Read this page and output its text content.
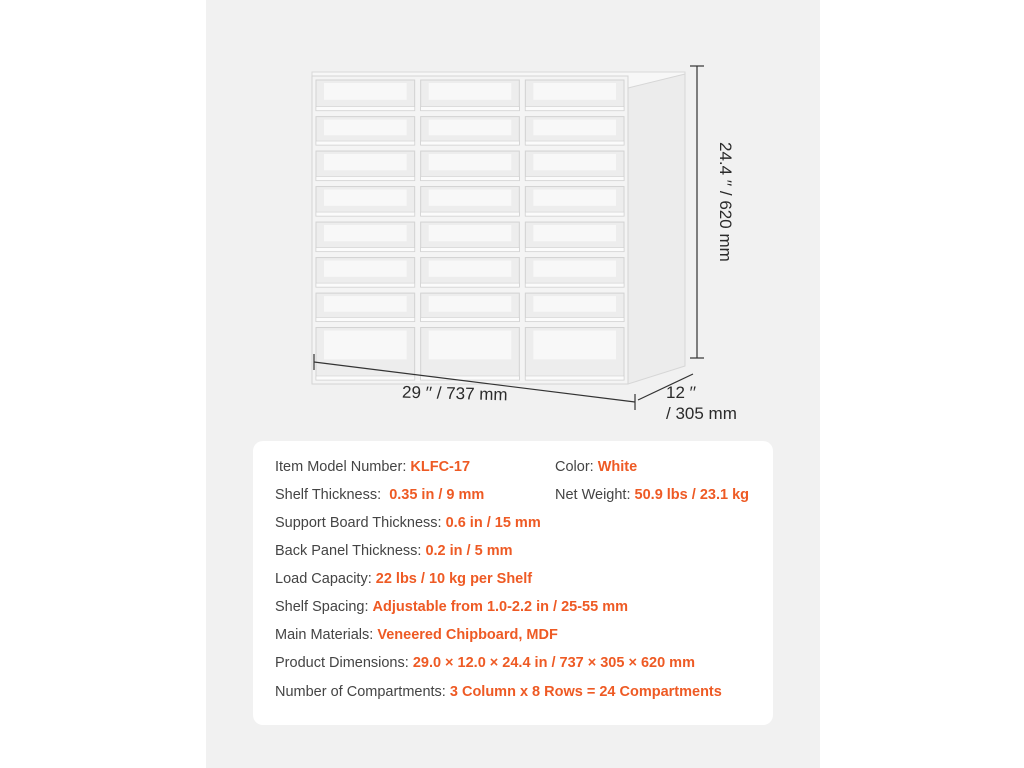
29 ′′ / 737 mm
24.4 ′′ / 620 mm
12 ′′
/ 305 mm
Item Model Number: KLFC-17	Color: White
Shelf Thickness:  0.35 in / 9 mm	Net Weight: 50.9 lbs / 23.1 kg
Support Board Thickness: 0.6 in / 15 mm
Back Panel Thickness: 0.2 in / 5 mm
Load Capacity: 22 lbs / 10 kg per Shelf
Shelf Spacing: Adjustable from 1.0-2.2 in / 25-55 mm
Main Materials: Veneered Chipboard, MDF
Product Dimensions: 29.0 × 12.0 × 24.4 in / 737 × 305 × 620 mm
Number of Compartments: 3 Column x 8 Rows = 24 Compartments
